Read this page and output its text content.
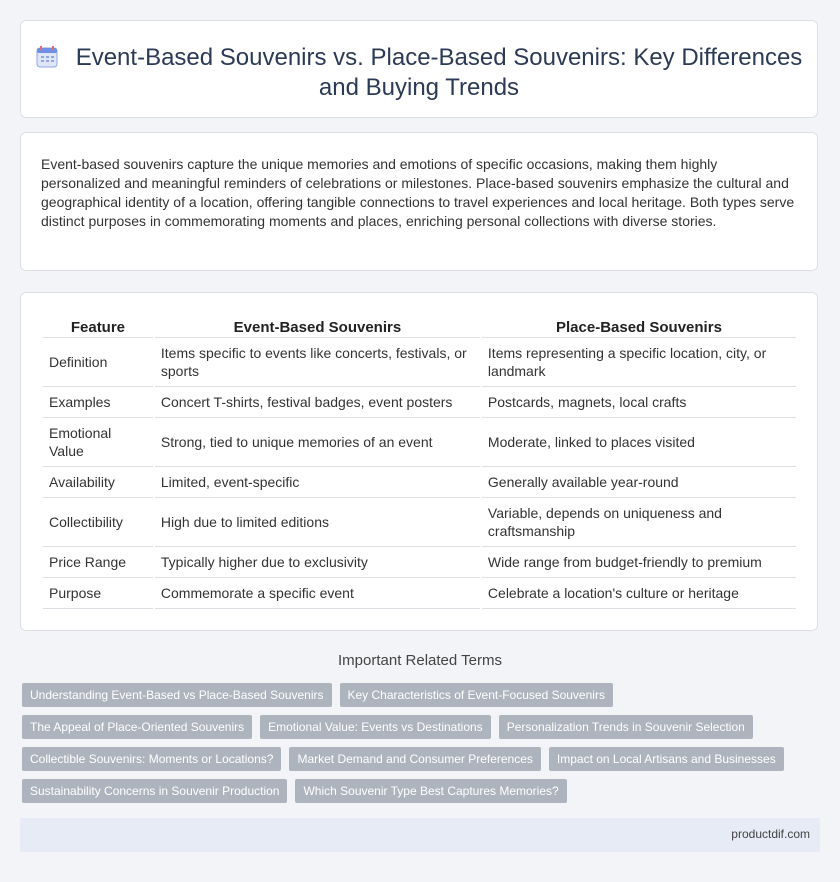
Event-Based Souvenirs vs. Place-Based Souvenirs: Key Differences
and Buying Trends

Event-based souvenirs capture the unique memories and emotions of specific occasions, making them highly personalized and meaningful reminders of celebrations or milestones. Place-based souvenirs emphasize the cultural and geographical identity of a location, offering tangible connections to travel experiences and local heritage. Both types serve distinct purposes in commemorating moments and places, enriching personal collections with diverse stories.

Feature	Event-Based Souvenirs	Place-Based Souvenirs
Definition	Items specific to events like concerts, festivals, or sports	Items representing a specific location, city, or landmark
Examples	Concert T-shirts, festival badges, event posters	Postcards, magnets, local crafts
Emotional Value	Strong, tied to unique memories of an event	Moderate, linked to places visited
Availability	Limited, event-specific	Generally available year-round
Collectibility	High due to limited editions	Variable, depends on uniqueness and craftsmanship
Price Range	Typically higher due to exclusivity	Wide range from budget-friendly to premium
Purpose	Commemorate a specific event	Celebrate a location's culture or heritage
Important Related Terms
Understanding Event-Based vs Place-Based Souvenirs	Key Characteristics of Event-Focused Souvenirs
The Appeal of Place-Oriented Souvenirs	Emotional Value: Events vs Destinations	Personalization Trends in Souvenir Selection
Collectible Souvenirs: Moments or Locations?	Market Demand and Consumer Preferences	Impact on Local Artisans and Businesses
Sustainability Concerns in Souvenir Production	Which Souvenir Type Best Captures Memories?
productdif.com
